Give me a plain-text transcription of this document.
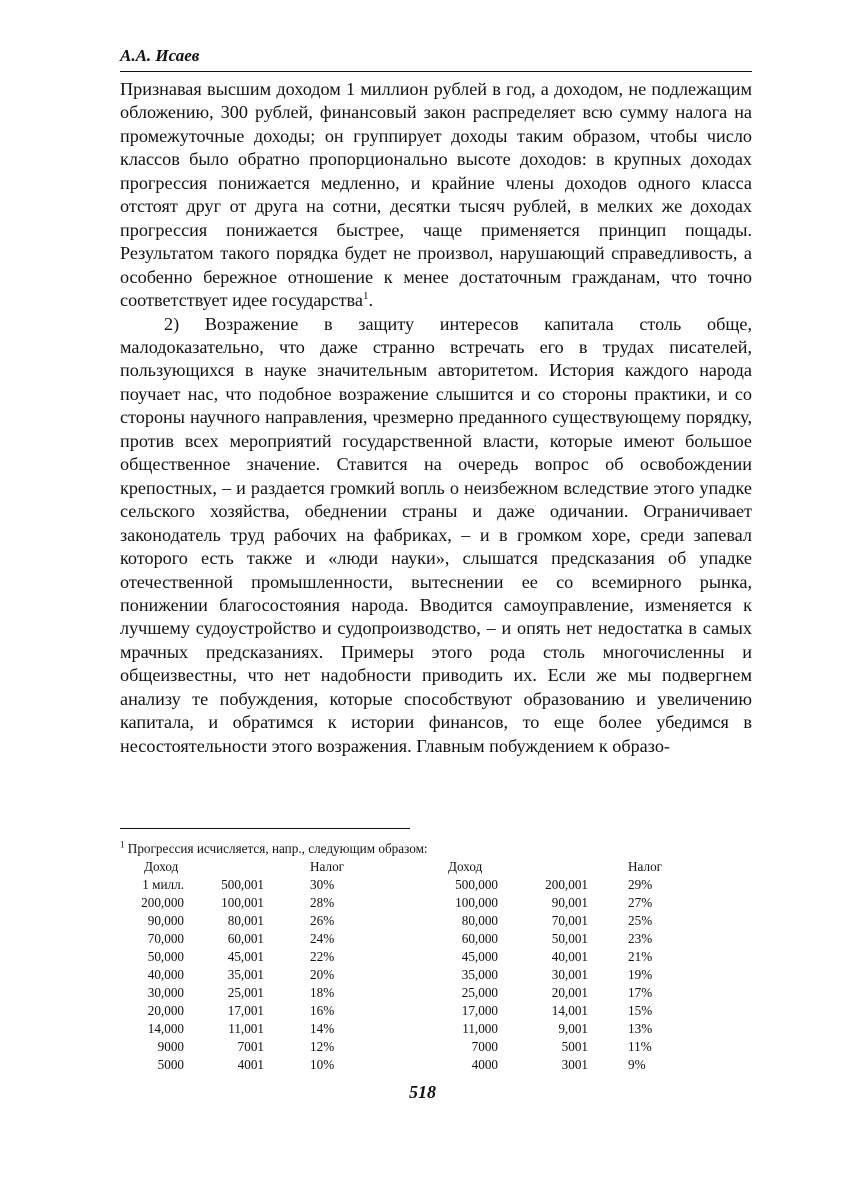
А.А. Исаев

Признавая высшим доходом 1 миллион рублей в год, а доходом, не подлежащим обложению, 300 рублей, финансовый закон распределяет всю сумму налога на промежуточные доходы; он группирует доходы таким образом, чтобы число классов было обратно пропорционально высоте доходов: в крупных доходах прогрессия понижается медленно, и крайние члены доходов одного класса отстоят друг от друга на сотни, десятки тысяч рублей, в мелких же доходах прогрессия понижается быстрее, чаще применяется принцип пощады. Результатом такого порядка будет не произвол, нарушающий справедливость, а особенно бережное отношение к менее достаточным гражданам, что точно соответствует идее государства$^1$.

2) Возражение в защиту интересов капитала столь обще, малодоказательно, что даже странно встречать его в трудах писателей, пользующихся в науке значительным авторитетом. История каждого народа поучает нас, что подобное возражение слышится и со стороны практики, и со стороны научного направления, чрезмерно преданного существующему порядку, против всех мероприятий государственной власти, которые имеют большое общественное значение. Ставится на очередь вопрос об освобождении крепостных, – и раздается громкий вопль о неизбежном вследствие этого упадке сельского хозяйства, обеднении страны и даже одичании. Ограничивает законодатель труд рабочих на фабриках, – и в громком хоре, среди запевал которого есть также и «люди науки», слышатся предсказания об упадке отечественной промышленности, вытеснении ее со всемирного рынка, понижении благосостояния народа. Вводится самоуправление, изменяется к лучшему судоустройство и судопроизводство, – и опять нет недостатка в самых мрачных предсказаниях. Примеры этого рода столь многочисленны и общеизвестны, что нет надобности приводить их. Если же мы подвергнем анализу те побуждения, которые способствуют образованию и увеличению капитала, и обратимся к истории финансов, то еще более убедимся в несостоятельности этого возражения. Главным побуждением к образо-

$^1$ Прогрессия исчисляется, напр., следующим образом:
Доход	Налог	Доход	Налог
1 милл.	500,001	30%	500,000	200,001	29%
200,000	100,001	28%	100,000	90,001	27%
90,000	80,001	26%	80,000	70,001	25%
70,000	60,001	24%	60,000	50,001	23%
50,000	45,001	22%	45,000	40,001	21%
40,000	35,001	20%	35,000	30,001	19%
30,000	25,001	18%	25,000	20,001	17%
20,000	17,001	16%	17,000	14,001	15%
14,000	11,001	14%	11,000	9,001	13%
9000	7001	12%	7000	5001	11%
5000	4001	10%	4000	3001	9%
518
